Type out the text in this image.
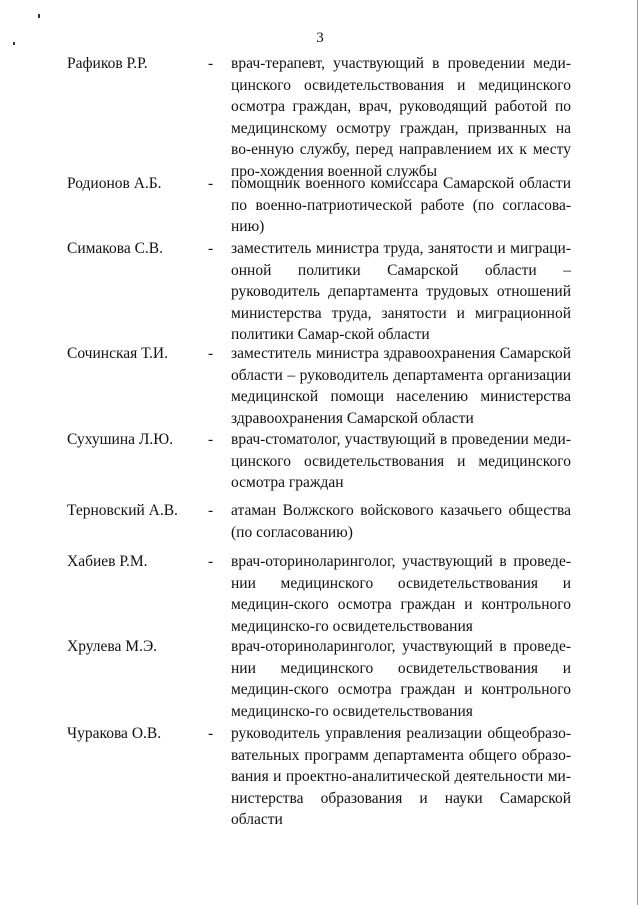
3
Рафиков Р.Р.	- врач-терапевт, участвующий в проведении меди-цинского освидетельствования и медицинского осмотра граждан, врач, руководящий работой по медицинскому осмотру граждан, призванных на во-енную службу, перед направлением их к месту про-хождения военной службы
Родионов А.Б.	- помощник военного комиссара Самарской области по военно-патриотической работе (по согласова-нию)
Симакова С.В.	- заместитель министра труда, занятости и миграци-онной политики Самарской области – руководитель департамента трудовых отношений министерства труда, занятости и миграционной политики Самар-ской области
Сочинская Т.И.	- заместитель министра здравоохранения Самарской области – руководитель департамента организации медицинской помощи населению министерства здравоохранения Самарской области
Сухушина Л.Ю. - врач-стоматолог, участвующий в проведении меди-цинского освидетельствования и медицинского осмотра граждан
Терновский А.В. - атаман Волжского войскового казачьего общества (по согласованию)
Хабиев Р.М.	- врач-оториноларинголог, участвующий в проведе-нии медицинского освидетельствования и медицин-ского осмотра граждан и контрольного медицинско-го освидетельствования
Хрулева М.Э.	врач-оториноларинголог, участвующий в проведе-нии медицинского освидетельствования и медицин-ского осмотра граждан и контрольного медицинско-го освидетельствования
Чуракова О.В.	- руководитель управления реализации общеобразо-вательных программ департамента общего образо-вания и проектно-аналитической деятельности ми-нистерства образования и науки Самарской области
